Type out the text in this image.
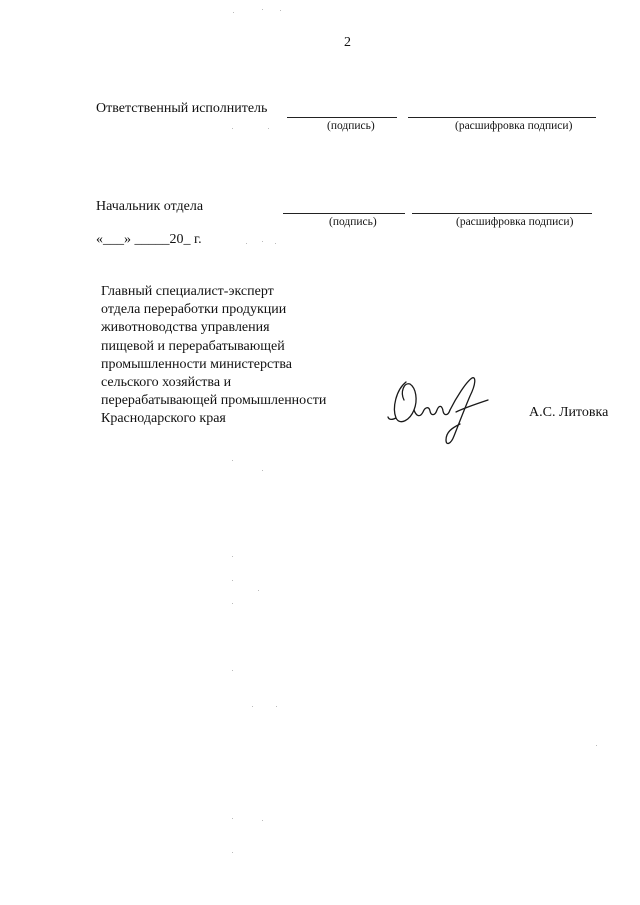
2
Ответственный исполнитель
(подпись)	(расшифровка подписи)
Начальник отдела
(подпись)	(расшифровка подписи)
«___» _____20_ г.
Главный специалист-эксперт
отдела переработки продукции
животноводства управления
пищевой и перерабатывающей
промышленности министерства
сельского хозяйства и
перерабатывающей промышленности
Краснодарского края	А.С. Литовка
